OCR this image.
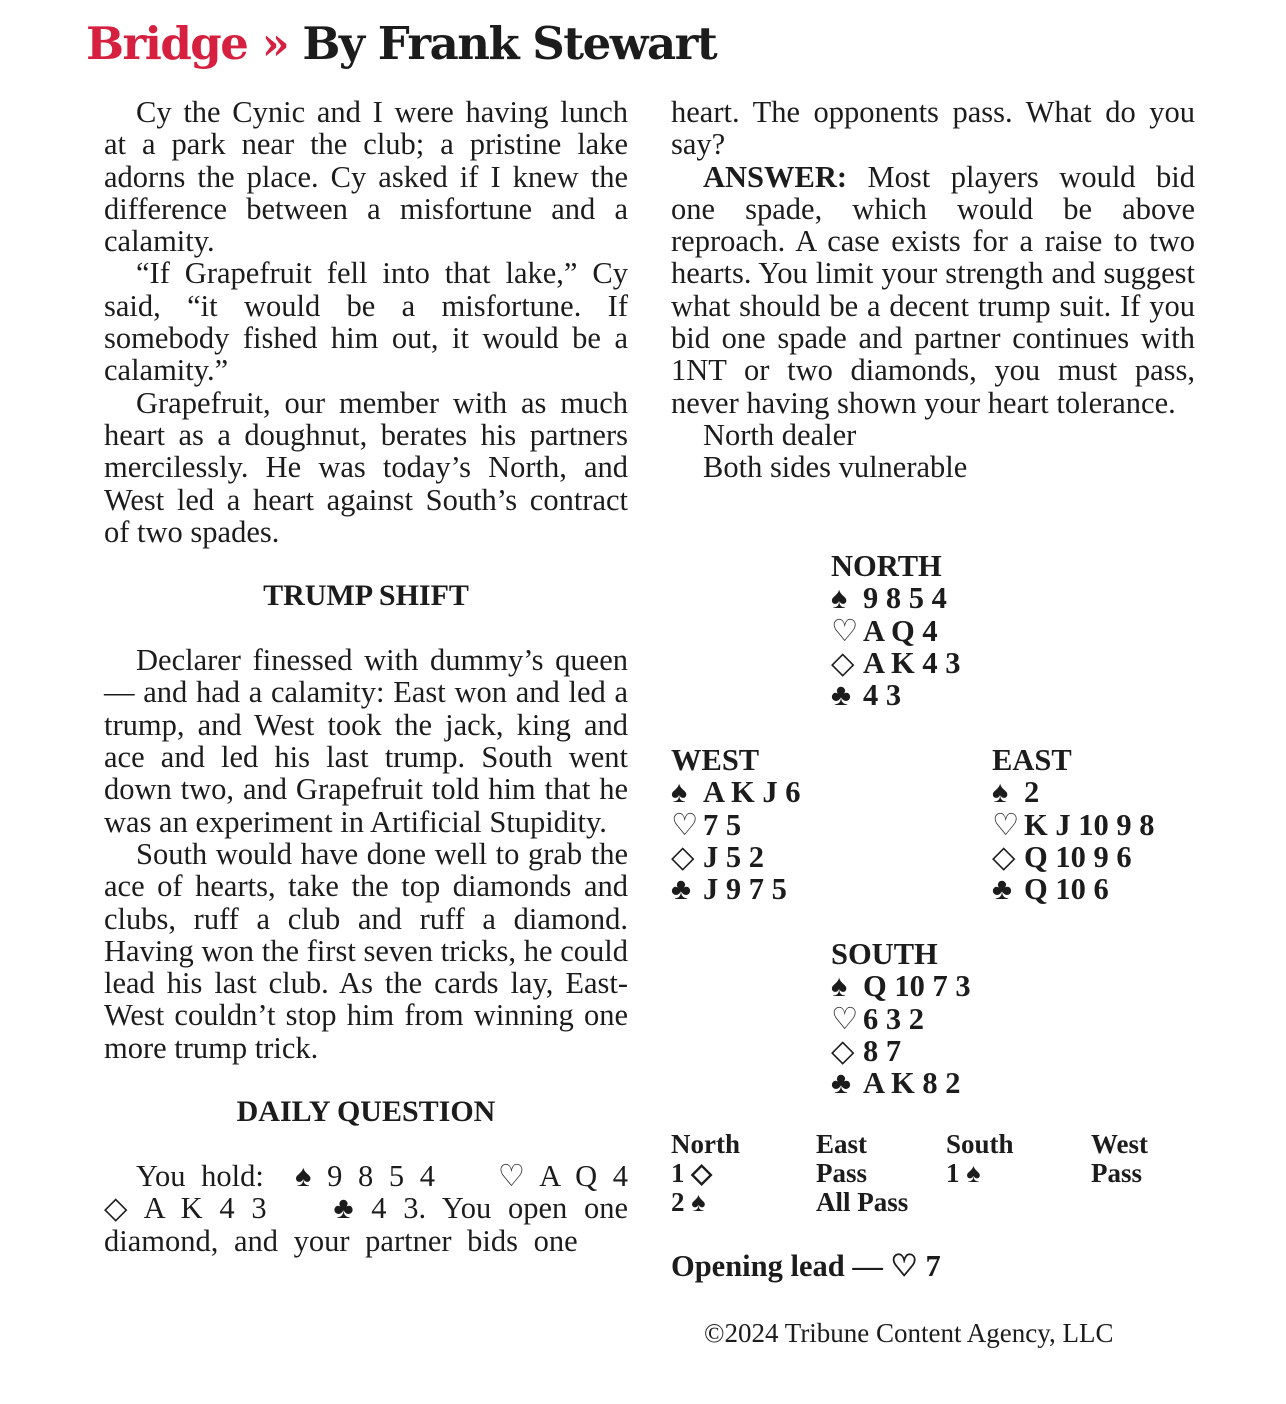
Bridge » By Frank Stewart

Cy the Cynic and I were having lunch at a park near the club; a pristine lake adorns the place. Cy asked if I knew the difference between a misfortune and a calamity.

“If Grapefruit fell into that lake,” Cy said, “it would be a misfortune. If somebody fished him out, it would be a calamity.”

Grapefruit, our member with as much heart as a doughnut, berates his partners mercilessly. He was today’s North, and West led a heart against South’s contract of two spades.

TRUMP SHIFT

Declarer finessed with dummy’s queen — and had a calamity: East won and led a trump, and West took the jack, king and ace and led his last trump. South went down two, and Grapefruit told him that he was an experiment in Artificial Stupidity.

South would have done well to grab the ace of hearts, take the top diamonds and clubs, ruff a club and ruff a diamond. Having won the first seven tricks, he could lead his last club. As the cards lay, East-West couldn’t stop him from winning one more trump trick.

DAILY QUESTION

You hold: ♠ 9 8 5 4 ♡ A Q 4 ◇ A K 4 3 ♣ 4 3. You open one diamond, and your partner bids one

heart. The opponents pass. What do you say?

ANSWER: Most players would bid one spade, which would be above reproach. A case exists for a raise to two hearts. You limit your strength and suggest what should be a decent trump suit. If you bid one spade and partner continues with 1NT or two diamonds, you must pass, never having shown your heart tolerance.

North dealer

Both sides vulnerable

NORTH
♠ 9 8 5 4
♡ A Q 4
◇ A K 4 3
♣ 4 3
WEST
♠ A K J 6
♡ 7 5
◇ J 5 2
♣ J 9 7 5
EAST
♠ 2
♡ K J 10 9 8
◇ Q 10 9 6
♣ Q 10 6
SOUTH
♠ Q 10 7 3
♡ 6 3 2
◇ 8 7
♣ A K 8 2
North	East	South	West
1 ◇	Pass	1 ♠	Pass
2 ♠	All Pass
Opening lead — ♡ 7
©2024 Tribune Content Agency, LLC
